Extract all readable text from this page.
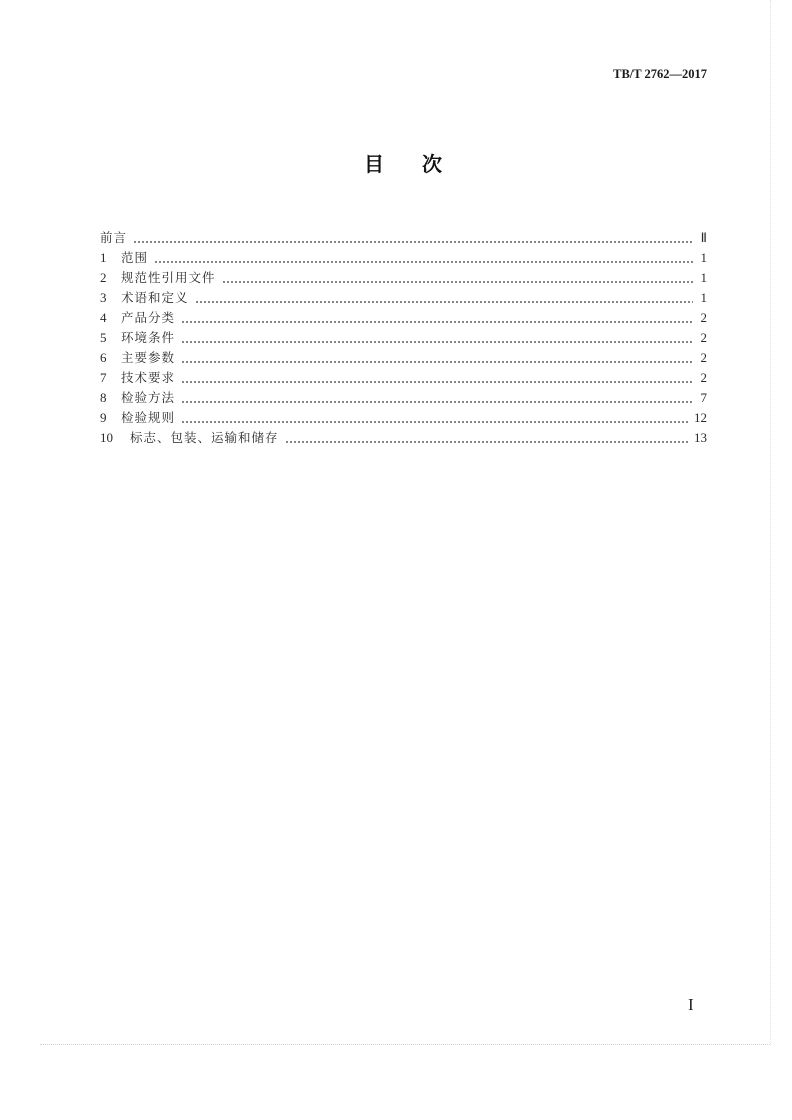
TB/T 2762—2017
目　次
前言	Ⅱ
1	范围	1
2	规范性引用文件	1
3	术语和定义	1
4	产品分类	2
5	环境条件	2
6	主要参数	2
7	技术要求	2
8	检验方法	7
9	检验规则	12
10	标志、包装、运输和储存	13
I
